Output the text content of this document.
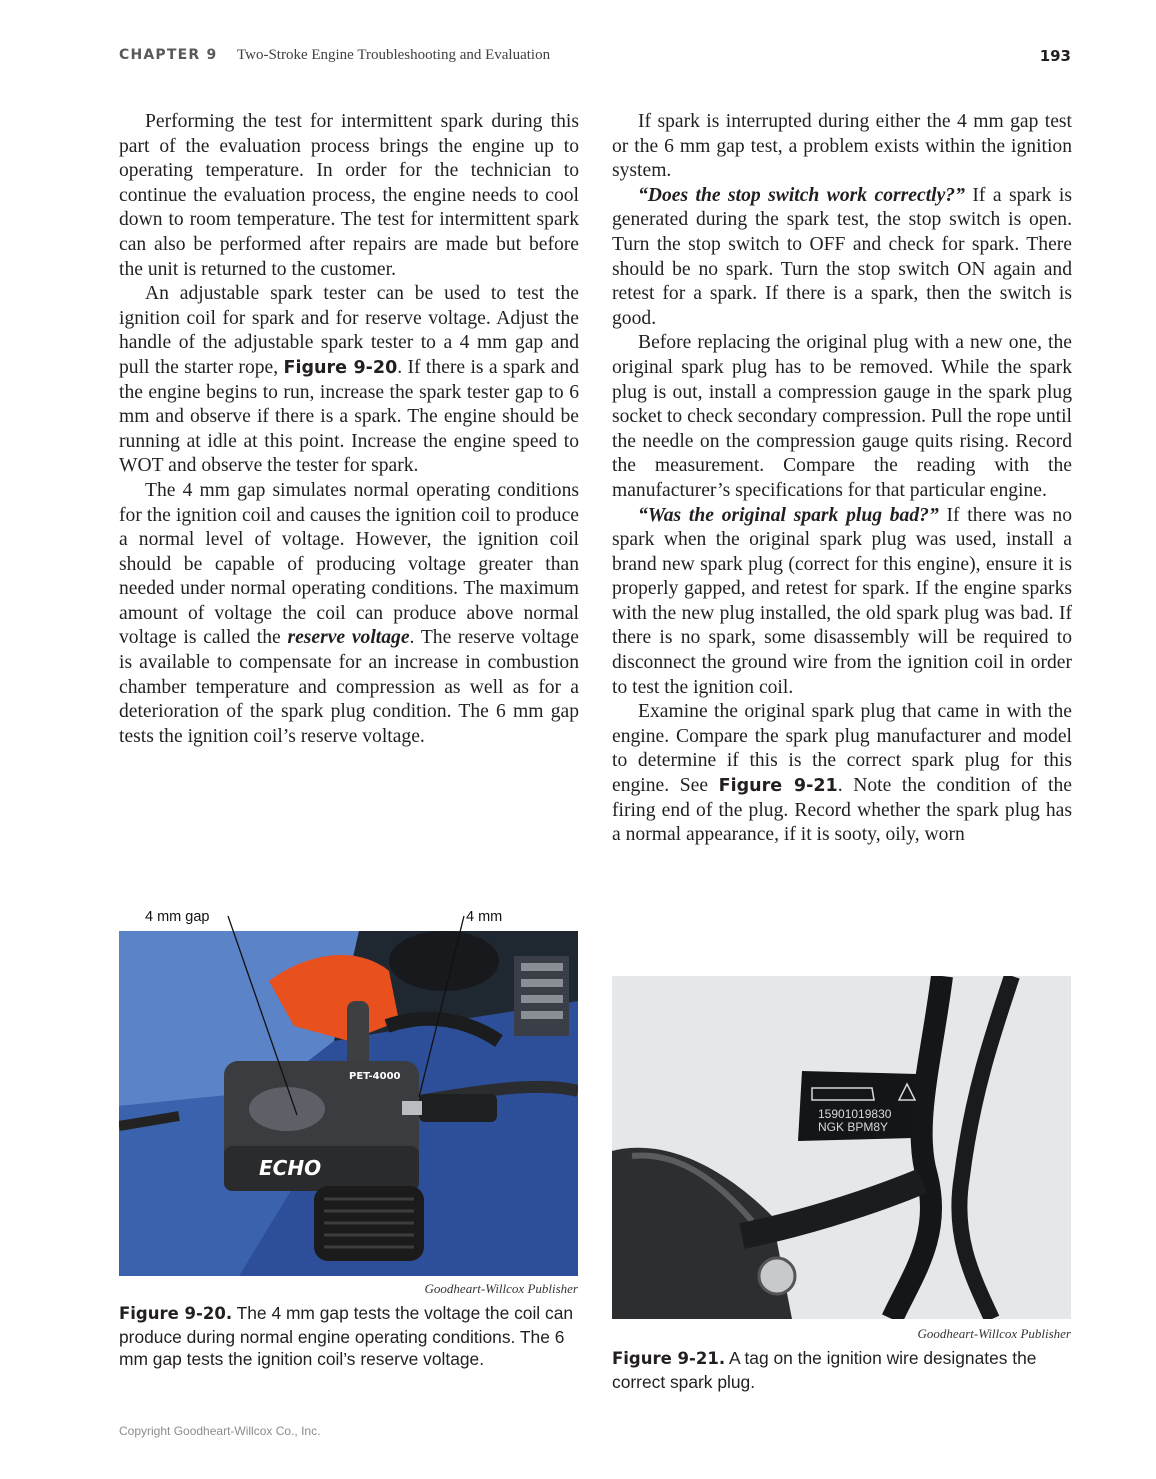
CHAPTER 9 Two-Stroke Engine Troubleshooting and Evaluation	193

Performing the test for intermittent spark during this part of the evaluation process brings the engine up to operating temperature. In order for the technician to continue the evaluation process, the engine needs to cool down to room temperature. The test for intermittent spark can also be performed after repairs are made but before the unit is returned to the customer.

An adjustable spark tester can be used to test the ignition coil for spark and for reserve voltage. Adjust the handle of the adjustable spark tester to a 4 mm gap and pull the starter rope, Figure 9-20. If there is a spark and the engine begins to run, increase the spark tester gap to 6 mm and observe if there is a spark. The engine should be running at idle at this point. Increase the engine speed to WOT and observe the tester for spark.

The 4 mm gap simulates normal operating conditions for the ignition coil and causes the ignition coil to produce a normal level of voltage. However, the ignition coil should be capable of producing voltage greater than needed under normal operating conditions. The maximum amount of voltage the coil can produce above normal voltage is called the reserve voltage. The reserve voltage is available to compensate for an increase in combustion chamber temperature and compression as well as for a deterioration of the spark plug condition. The 6 mm gap tests the ignition coil’s reserve voltage.

If spark is interrupted during either the 4 mm gap test or the 6 mm gap test, a problem exists within the ignition system.

“Does the stop switch work correctly?” If a spark is generated during the spark test, the stop switch is open. Turn the stop switch to OFF and check for spark. There should be no spark. Turn the stop switch ON again and retest for a spark. If there is a spark, then the switch is good.

Before replacing the original plug with a new one, the original spark plug has to be removed. While the spark plug is out, install a compression gauge in the spark plug socket to check secondary compression. Pull the rope until the needle on the compression gauge quits rising. Record the measurement. Compare the reading with the manufacturer’s specifications for that particular engine.

“Was the original spark plug bad?” If there was no spark when the original spark plug was used, install a brand new spark plug (correct for this engine), ensure it is properly gapped, and retest for spark. If the engine sparks with the new plug installed, the old spark plug was bad. If there is no spark, some disassembly will be required to disconnect the ground wire from the ignition coil in order to test the ignition coil.

Examine the original spark plug that came in with the engine. Compare the spark plug manufacturer and model to determine if this is the correct spark plug for this engine. See Figure 9-21. Note the condition of the firing end of the plug. Record whether the spark plug has a normal appearance, if it is sooty, oily, worn

4 mm gap	4 mm
PET-4000
ECHO
Goodheart-Willcox Publisher
Figure 9-20. The 4 mm gap tests the voltage the coil can produce during normal engine operating conditions. The 6 mm gap tests the ignition coil’s reserve voltage.
15901019830
NGK BPM8Y
Goodheart-Willcox Publisher
Figure 9-21. A tag on the ignition wire designates the correct spark plug.
Copyright Goodheart-Willcox Co., Inc.
